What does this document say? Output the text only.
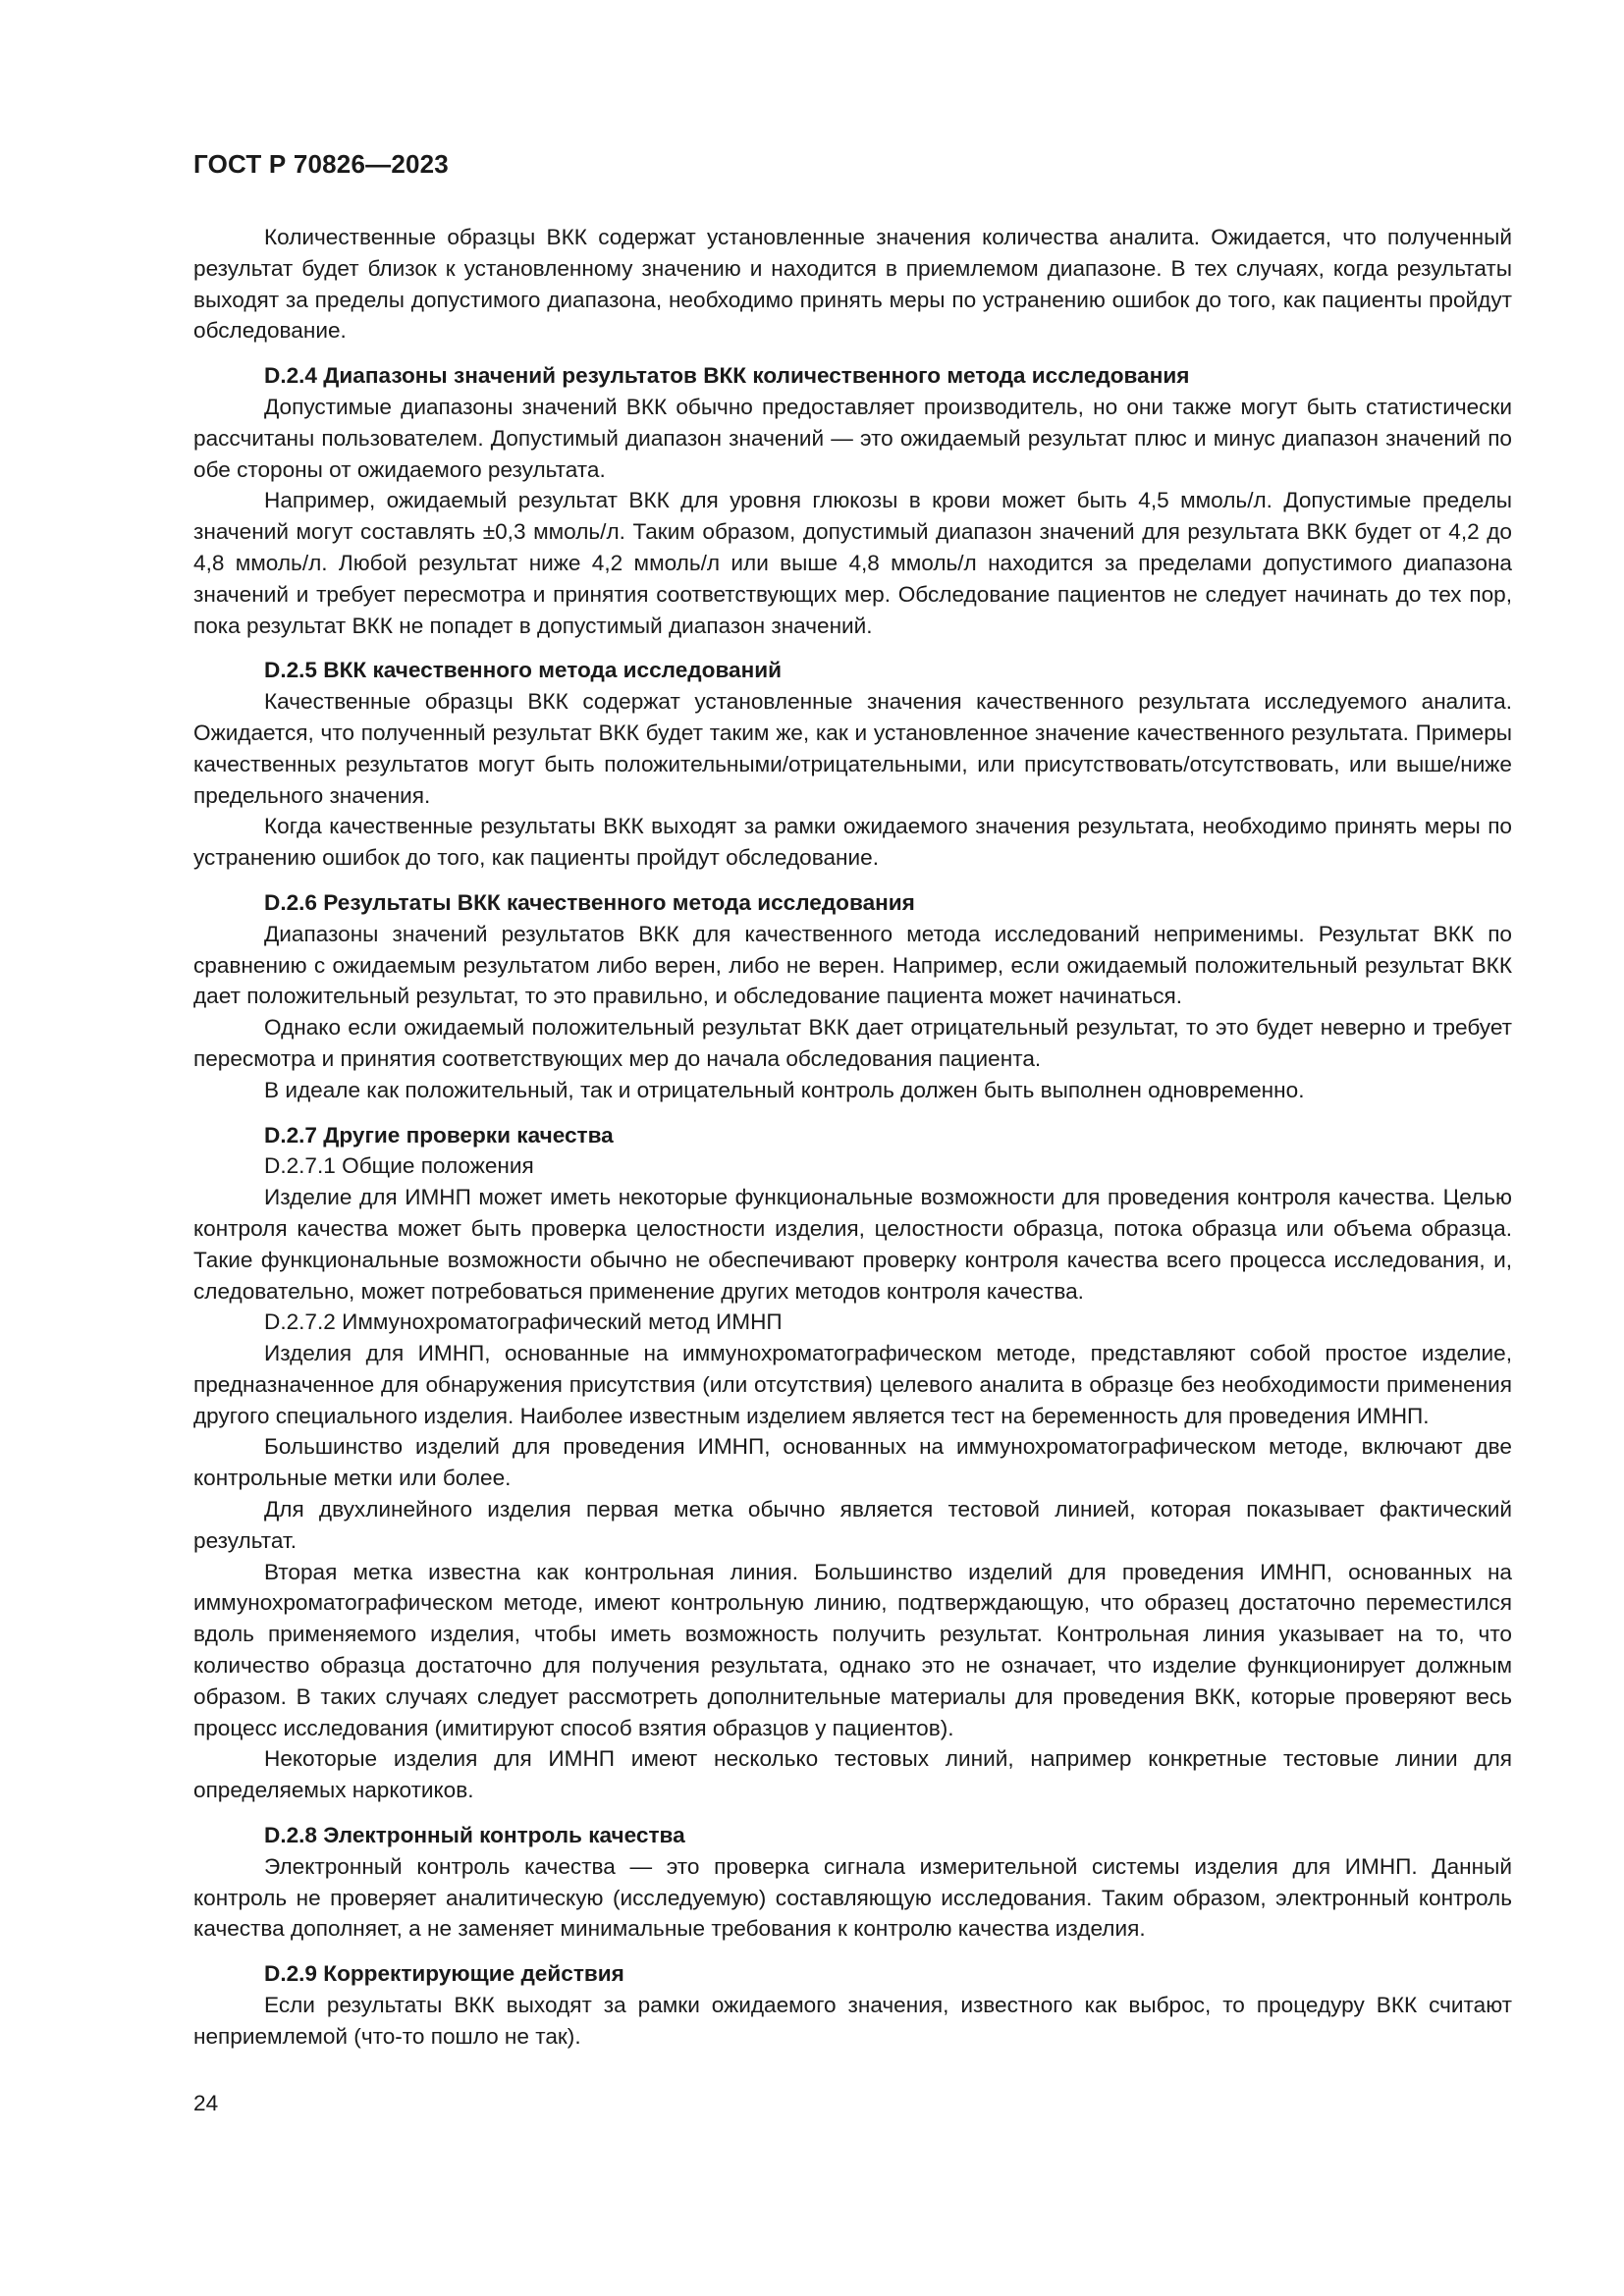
ГОСТ Р 70826—2023

Количественные образцы ВКК содержат установленные значения количества аналита. Ожидается, что полученный результат будет близок к установленному значению и находится в приемлемом диапазоне. В тех случаях, когда результаты выходят за пределы допустимого диапазона, необходимо принять меры по устранению ошибок до того, как пациенты пройдут обследование.

D.2.4 Диапазоны значений результатов ВКК количественного метода исследования

Допустимые диапазоны значений ВКК обычно предоставляет производитель, но они также могут быть статистически рассчитаны пользователем. Допустимый диапазон значений — это ожидаемый результат плюс и минус диапазон значений по обе стороны от ожидаемого результата.

Например, ожидаемый результат ВКК для уровня глюкозы в крови может быть 4,5 ммоль/л. Допустимые пределы значений могут составлять ±0,3 ммоль/л. Таким образом, допустимый диапазон значений для результата ВКК будет от 4,2 до 4,8 ммоль/л. Любой результат ниже 4,2 ммоль/л или выше 4,8 ммоль/л находится за пределами допустимого диапазона значений и требует пересмотра и принятия соответствующих мер. Обследование пациентов не следует начинать до тех пор, пока результат ВКК не попадет в допустимый диапазон значений.

D.2.5 ВКК качественного метода исследований

Качественные образцы ВКК содержат установленные значения качественного результата исследуемого аналита. Ожидается, что полученный результат ВКК будет таким же, как и установленное значение качественного результата. Примеры качественных результатов могут быть положительными/отрицательными, или присутствовать/отсутствовать, или выше/ниже предельного значения.

Когда качественные результаты ВКК выходят за рамки ожидаемого значения результата, необходимо принять меры по устранению ошибок до того, как пациенты пройдут обследование.

D.2.6 Результаты ВКК качественного метода исследования

Диапазоны значений результатов ВКК для качественного метода исследований неприменимы. Результат ВКК по сравнению с ожидаемым результатом либо верен, либо не верен. Например, если ожидаемый положительный результат ВКК дает положительный результат, то это правильно, и обследование пациента может начинаться.

Однако если ожидаемый положительный результат ВКК дает отрицательный результат, то это будет неверно и требует пересмотра и принятия соответствующих мер до начала обследования пациента.

В идеале как положительный, так и отрицательный контроль должен быть выполнен одновременно.

D.2.7 Другие проверки качества

D.2.7.1 Общие положения

Изделие для ИМНП может иметь некоторые функциональные возможности для проведения контроля качества. Целью контроля качества может быть проверка целостности изделия, целостности образца, потока образца или объема образца. Такие функциональные возможности обычно не обеспечивают проверку контроля качества всего процесса исследования, и, следовательно, может потребоваться применение других методов контроля качества.

D.2.7.2 Иммунохроматографический метод ИМНП

Изделия для ИМНП, основанные на иммунохроматографическом методе, представляют собой простое изделие, предназначенное для обнаружения присутствия (или отсутствия) целевого аналита в образце без необходимости применения другого специального изделия. Наиболее известным изделием является тест на беременность для проведения ИМНП.

Большинство изделий для проведения ИМНП, основанных на иммунохроматографическом методе, включают две контрольные метки или более.

Для двухлинейного изделия первая метка обычно является тестовой линией, которая показывает фактический результат.

Вторая метка известна как контрольная линия. Большинство изделий для проведения ИМНП, основанных на иммунохроматографическом методе, имеют контрольную линию, подтверждающую, что образец достаточно переместился вдоль применяемого изделия, чтобы иметь возможность получить результат. Контрольная линия указывает на то, что количество образца достаточно для получения результата, однако это не означает, что изделие функционирует должным образом. В таких случаях следует рассмотреть дополнительные материалы для проведения ВКК, которые проверяют весь процесс исследования (имитируют способ взятия образцов у пациентов).

Некоторые изделия для ИМНП имеют несколько тестовых линий, например конкретные тестовые линии для определяемых наркотиков.

D.2.8 Электронный контроль качества

Электронный контроль качества — это проверка сигнала измерительной системы изделия для ИМНП. Данный контроль не проверяет аналитическую (исследуемую) составляющую исследования. Таким образом, электронный контроль качества дополняет, а не заменяет минимальные требования к контролю качества изделия.

D.2.9 Корректирующие действия

Если результаты ВКК выходят за рамки ожидаемого значения, известного как выброс, то процедуру ВКК считают неприемлемой (что-то пошло не так).

24
